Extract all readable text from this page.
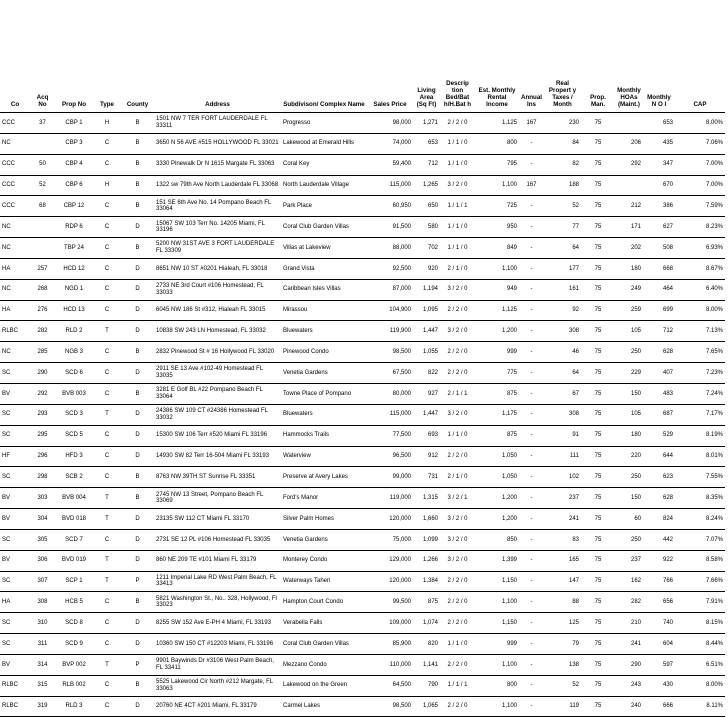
Co	Acq No	Prop No	Type	County	Address	Subdivison/ Complex Name	Sales Price	Living Area (Sq Ft)	Descrip tion Bed/Bat h/H.Bat h	Est. Monthly Rental Income	Annual Ins	Real Propert y Taxes / Month	Prop. Man.	Monthly HOAs (Maint.)	Monthly N O I	CAP
CCC	37	CBP 1	H	B	1501 NW 7 TER FORT LAUDERDALE FL 33311	Progresso	98,000	1,271	2 / 2 / 0	1,125	167	230	75		653	8.00%
NC		CBP 3	C	B	3650 N 56 AVE #515 HOLLYWOOD FL 33021	Lakewood at Emerald Hills	74,000	653	1 / 1 / 0	800	-	84	75	206	435	7.06%
CCC	50	CBP 4	C	B	3330 Pinewalk Dr N 1615 Margate FL 33063	Coral Key	59,400	712	1 / 1 / 0	795	-	82	75	292	347	7.00%
CCC	52	CBP 6	H	B	1322 sw 79th Ave North Lauderdale FL 33068	North Lauderdale Village	115,000	1,265	3 / 2 / 0	1,100	167	188	75		670	7.00%
CCC	68	CBP 12	C	B	151 SE 6th Ave No. 14 Pompano Beach FL 33064	Park Place	60,950	650	1 / 1 / 1	725	-	52	75	212	386	7.59%
NC		RDP 6	C	D	15067 SW 103 Terr No. 14205 Miami, FL 33196	Coral Club Garden Villas	91,500	580	1 / 1 / 0	950	-	77	75	171	627	8.23%
NC		TBP 24	C	B	5200 NW 31ST AVE 3 FORT LAUDERDALE FL 33309	Villas at Lakeview	88,000	702	1 / 1 / 0	849	-	64	75	202	508	6.93%
HA	257	HCD 12	C	D	8651 NW 10 ST #0201 Hialeah, FL 33018	Grand Vista	92,500	920	2 / 1 / 0	1,100	-	177	75	180	668	8.67%
NC	268	NGD 1	C	D	2733 NE 3rd Court #106 Homestead, FL 33033	Caribbean Isles Villas	87,000	1,194	3 / 2 / 0	949	-	161	75	249	464	6.40%
HA	276	HCD 13	C	D	6045 NW 186 St #312, Hialeah FL 33015	Mirassou	104,900	1,095	2 / 2 / 0	1,125	-	92	75	259	699	8.00%
RLBC	282	RLD 2	T	D	10838 SW 243 LN Homestead, FL 33032	Bluewaters	119,900	1,447	3 / 2 / 0	1,200	-	308	75	105	712	7.13%
NC	285	NGB 3	C	B	2832 Pinewood St # 16 Hollywood FL 33020	Pinewood Condo	98,500	1,055	2 / 2 / 0	999	-	46	75	250	628	7.65%
SC	290	SCD 6	C	D	2911 SE 13 Ave #102-49 Homestead FL 33035	Venetia Gardens	67,500	822	2 / 2 / 0	775	-	64	75	229	407	7.23%
BV	292	BVB 003	C	B	3281 E Golf BL #22 Pompano Beach FL 33064	Towne Place of Pompano	80,000	927	2 / 1 / 1	875	-	67	75	150	483	7.24%
SC	293	SCD 3	T	D	24386 SW 109 CT #24386 Homestead FL 33032	Bluewaters	115,000	1,447	3 / 2 / 0	1,175	-	308	75	105	687	7.17%
SC	295	SCD 5	C	D	15300 SW 106 Terr #520 Miami FL 33196	Hammocks Trails	77,500	693	1 / 1 / 0	875	-	91	75	180	529	8.19%
HF	296	HFD 3	C	D	14930 SW 82 Terr 16-504 Miami FL 33193	Waterview	96,500	912	2 / 2 / 0	1,050	-	111	75	220	644	8.01%
SC	298	SCB 2	C	B	8763 NW 39TH ST Sunrise FL 33351	Preserve at Avery Lakes	99,000	731	2 / 1 / 0	1,050	-	102	75	250	623	7.55%
BV	303	BVB 004	T	B	2745 NW 13 Street, Pompano Beach FL 33069	Ford's Manor	119,000	1,315	3 / 2 / 1	1,200	-	237	75	150	628	8.35%
BV	304	BVD 018	T	D	23135 SW 112 CT Miami FL 33170	Silver Palm Homes	120,000	1,660	3 / 2 / 0	1,200	-	241	75	60	824	8.24%
SC	305	SCD 7	C	D	2731 SE 12 PL #106 Homestead FL 33035	Venetia Gardens	75,000	1,099	3 / 2 / 0	850	-	83	75	250	442	7.07%
BV	306	BVD 019	T	D	860 NE 209 TE #101 Miami FL 33179	Monterey Condo	129,000	1,266	3 / 2 / 0	1,399	-	165	75	237	922	8.58%
SC	307	SCP 1	T	P	1211 Imperial Lake RD West Palm Beach, FL 33413	Waterways Taheri	120,000	1,384	2 / 2 / 0	1,150	-	147	75	162	766	7.66%
HA	308	HCB 5	C	B	5821 Washington St., No.. 328, Hollywood, Fl 33023	Hampton Court Condo	99,500	875	2 / 2 / 0	1,100	-	88	75	282	656	7.91%
SC	310	SCD 8	C	D	8255 SW 152 Ave E-PH 4 Miami, FL 33193	Verabella Falls	109,000	1,074	2 / 2 / 0	1,150	-	125	75	210	740	8.15%
SC	311	SCD 9	C	D	10360 SW 150 CT #12203 Miami, FL 33196	Coral Club Garden Villas	85,900	820	1 / 1 / 0	999	-	79	75	241	604	8.44%
BV	314	BVP 002	T	P	9901 Baywinds Dr #3106 West Palm Beach, FL 33411	Mezzano Condo	110,000	1,141	2 / 2 / 0	1,100	-	138	75	290	597	6.51%
RLBC	315	RLB 002	C	B	5525 Lakewood Cir North #212 Margate, FL 33063	Lakewood on the Green	64,500	790	1 / 1 / 1	800	-	52	75	243	430	8.00%
RLBC	319	RLD 3	C	D	20760 NE 4CT #201 Miami, FL 33179	Carmel Lakes	98,500	1,065	2 / 2 / 0	1,100	-	119	75	240	666	8.11%
